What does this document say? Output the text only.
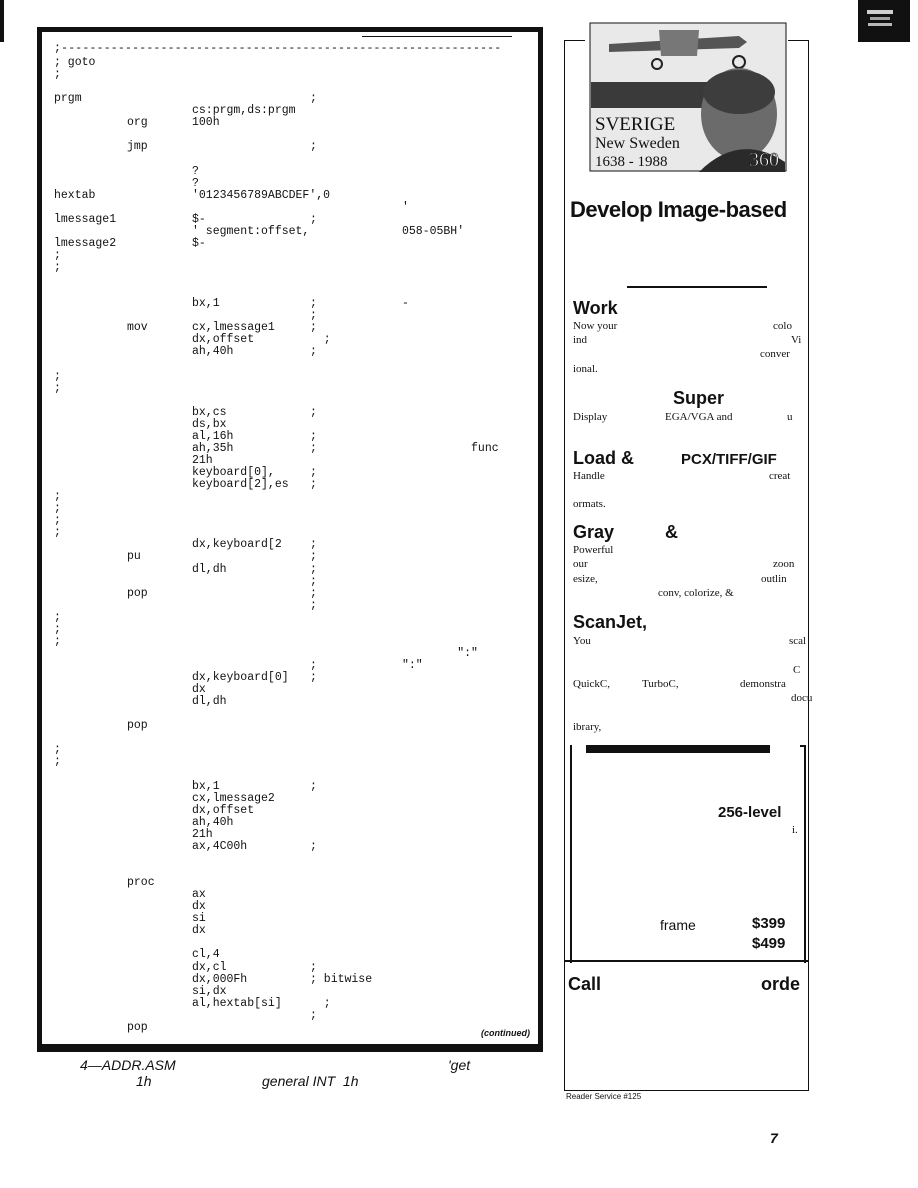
;--------------------------------------------------------------
; goto
;
prgm	;
cs:prgm,ds:prgm
org	100h
jmp	;
?
?
hextab	'0123456789ABCDEF',0
'
lmessage1	$-	;
' segment:offset,	058-05BH'
lmessage2	$-
;
;
bx,1	;	-
;
mov	cx,lmessage1	;
dx,offset	;
ah,40h	;
;
;
bx,cs	;
ds,bx
al,16h	;
ah,35h	;	func
21h
keyboard[0],	;
keyboard[2],es ;
;
;
;
;
dx,keyboard[2 ;
pu	;
dl,dh	;
;
pop	;
;
;
;
;
":"
;	":"
dx,keyboard[0] ;
dx
dl,dh
pop
;
;
bx,1	;
cx,lmessage2
dx,offset
ah,40h
21h
ax,4C00h	;
proc
ax
dx
si
dx
cl,4
dx,cl	;
dx,000Fh	; bitwise
si,dx
al,hextab[si] ;
;
pop	(continued)
4—ADDR.ASM	'get
1h	general INT  1h
SVERIGE
New Sweden
1638 - 1988	360
Develop Image-based
Work
Now your	colo
ind	Vi
conver
ional.
Super
Display	EGA/VGA and	u
Load &	PCX/TIFF/GIF
Handle	creat
ormats.
Gray	&
Powerful
our	zoon
esize,	outlin
conv, colorize, &
ScanJet,
You	scal
C
QuickC,	TurboC,	demonstra
docu
ibrary,
256-level
i.
frame	$399
$499
Call	orde
Reader Service #125
7
